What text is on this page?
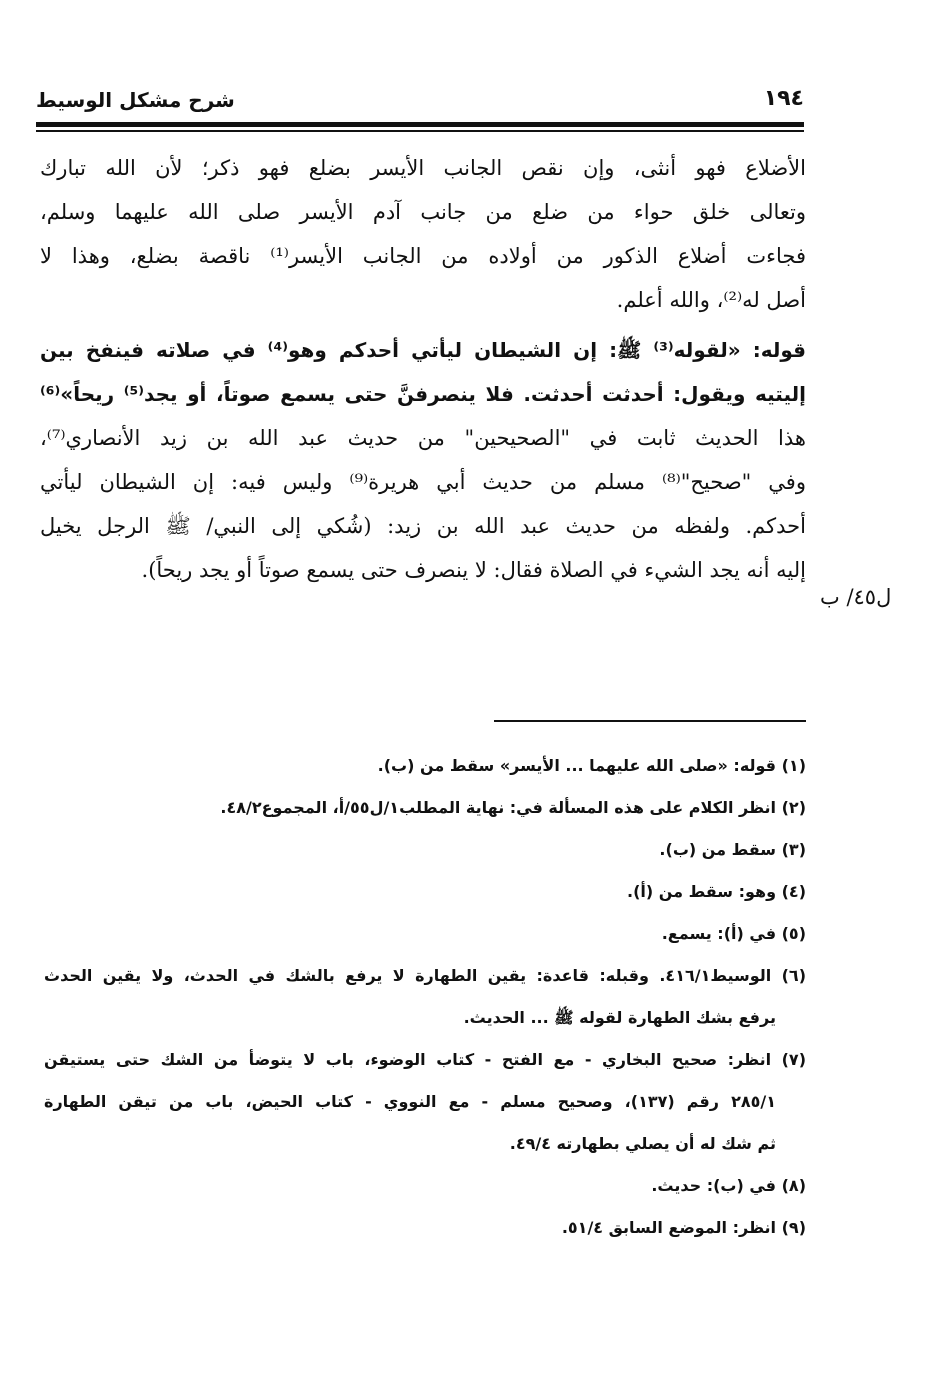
شرح مشكل الوسيط	١٩٤
الأضلاع فهو أنثى، وإن نقص الجانب الأيسر بضلع فهو ذكر؛ لأن الله تبارك
وتعالى خلق حواء من ضلع من جانب آدم الأيسر صلى الله عليهما وسلم،
فجاءت أضلاع الذكور من أولاده من الجانب الأيسر⁽¹⁾ ناقصة بضلع، وهذا لا
أصل له⁽²⁾، والله أعلم.
قوله: «لقوله⁽³⁾ ﷺ: إن الشيطان ليأتي أحدكم وهو⁽⁴⁾ في صلاته فينفخ بين
إليتيه ويقول: أحدثت أحدثت. فلا ينصرفنَّ حتى يسمع صوتاً، أو يجد⁽⁵⁾ ريحاً»⁽⁶⁾
هذا الحديث ثابت في "الصحيحين" من حديث عبد الله بن زيد الأنصاري⁽⁷⁾،
وفي "صحيح"⁽⁸⁾ مسلم من حديث أبي هريرة⁽⁹⁾ وليس فيه: إن الشيطان ليأتي
أحدكم. ولفظه من حديث عبد الله بن زيد: (شُكي إلى النبي/ ﷺ الرجل يخيل
إليه أنه يجد الشيء في الصلاة فقال: لا ينصرف حتى يسمع صوتاً أو يجد ريحاً).
ل٤٥/ ب
(١) قوله: «صلى الله عليهما ... الأيسر» سقط من (ب).
(٢) انظر الكلام على هذه المسألة في: نهاية المطلب١/ل٥٥/أ، المجموع٤٨/٢.
(٣) سقط من (ب).
(٤) وهو: سقط من (أ).
(٥) في (أ): يسمع.
(٦) الوسيط٤١٦/١. وقبله: قاعدة: يقين الطهارة لا يرفع بالشك في الحدث، ولا يقين الحدث
يرفع بشك الطهارة لقوله ﷺ ... الحديث.
(٧) انظر: صحيح البخاري - مع الفتح - كتاب الوضوء، باب لا يتوضأ من الشك حتى يستيقن
٢٨٥/١ رقم (١٣٧)، وصحيح مسلم - مع النووي - كتاب الحيض، باب من تيقن الطهارة
ثم شك له أن يصلي بطهارته ٤٩/٤.
(٨) في (ب): حديث.
(٩) انظر: الموضع السابق ٥١/٤.
